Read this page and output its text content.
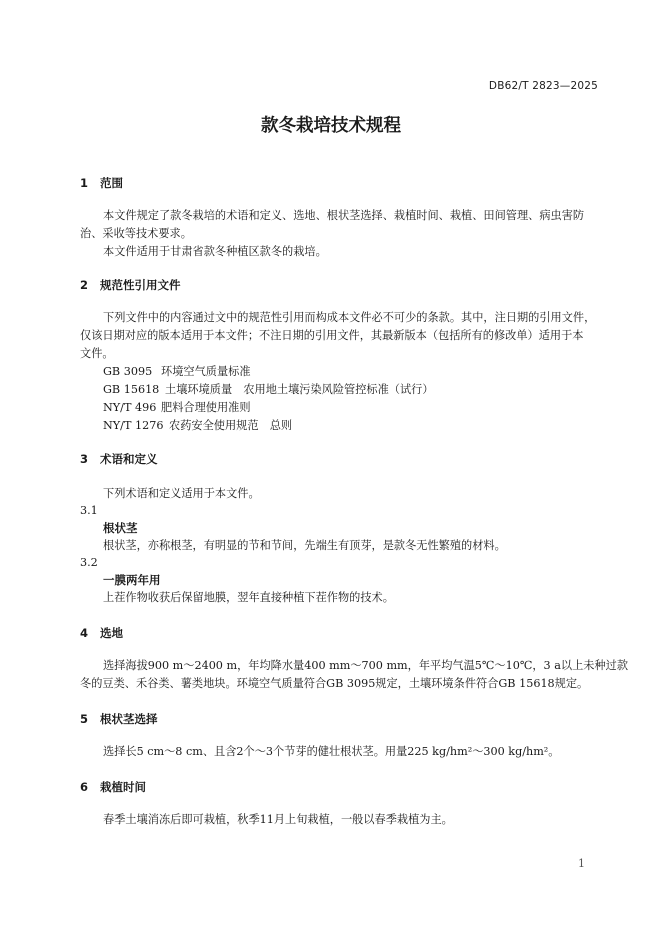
DB62/T 2823—2025
款冬栽培技术规程
1 范围
本文件规定了款冬栽培的术语和定义、选地、根状茎选择、栽植时间、栽植、田间管理、病虫害防
治、采收等技术要求。
本文件适用于甘肃省款冬种植区款冬的栽培。
2 规范性引用文件
下列文件中的内容通过文中的规范性引用而构成本文件必不可少的条款。其中，注日期的引用文件，
仅该日期对应的版本适用于本文件；不注日期的引用文件，其最新版本（包括所有的修改单）适用于本
文件。
GB 3095 环境空气质量标准
GB 15618 土壤环境质量　农用地土壤污染风险管控标准（试行）
NY/T 496 肥料合理使用准则
NY/T 1276 农药安全使用规范　总则
3 术语和定义
下列术语和定义适用于本文件。
3.1
根状茎
根状茎，亦称根茎，有明显的节和节间，先端生有顶芽，是款冬无性繁殖的材料。
3.2
一膜两年用
上茬作物收获后保留地膜，翌年直接种植下茬作物的技术。
4 选地
选择海拔900 m～2400 m，年均降水量400 mm～700 mm，年平均气温5℃～10℃，3 a以上未种过款
冬的豆类、禾谷类、薯类地块。环境空气质量符合GB 3095规定，土壤环境条件符合GB 15618规定。
5 根状茎选择
选择长5 cm～8 cm、且含2个～3个节芽的健壮根状茎。用量225 kg/hm²～300 kg/hm²。
6 栽植时间
春季土壤消冻后即可栽植，秋季11月上旬栽植，一般以春季栽植为主。
1
